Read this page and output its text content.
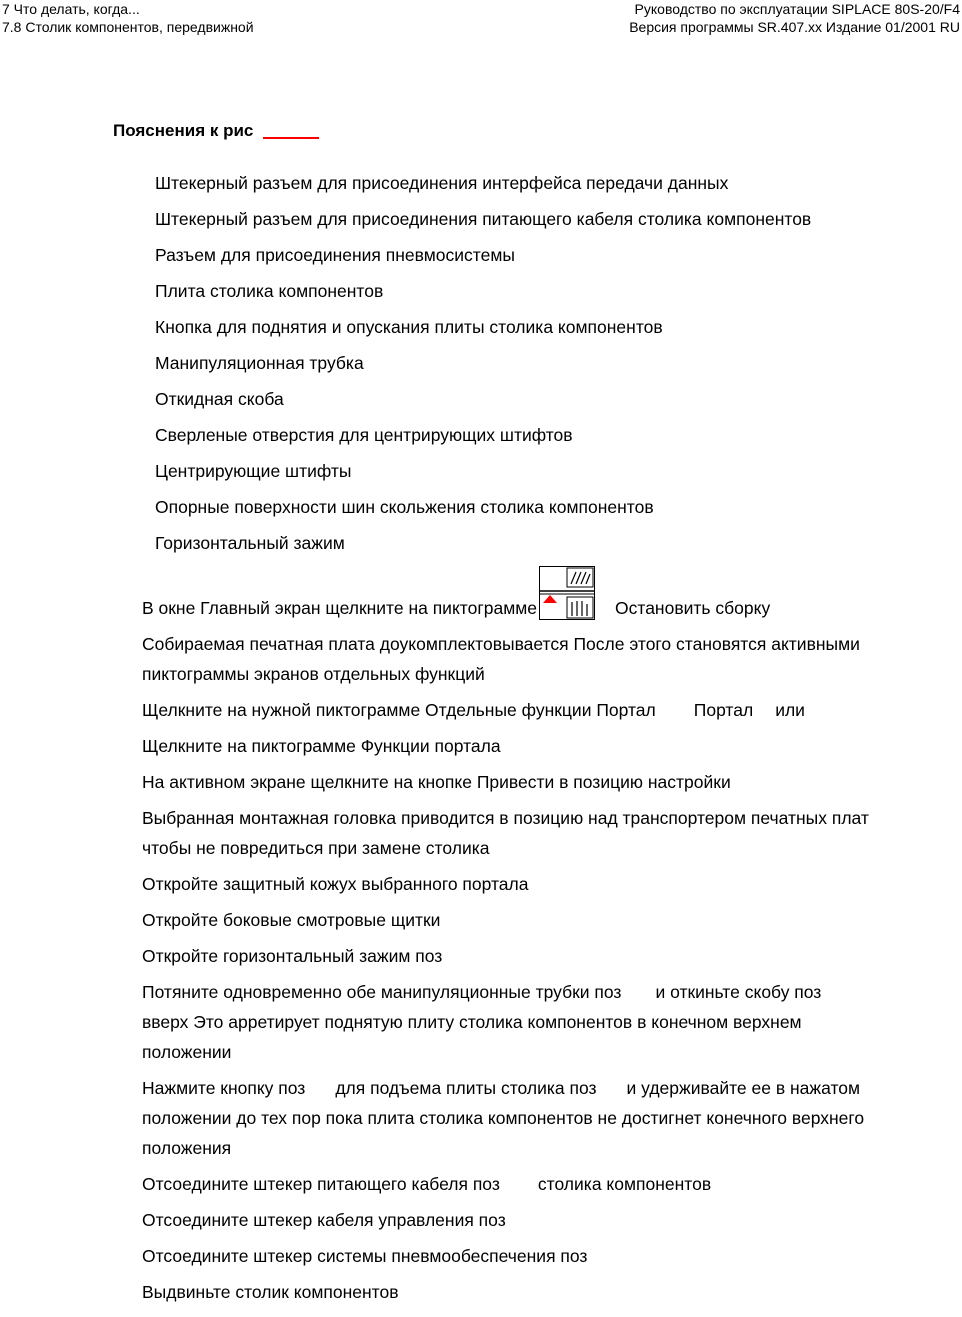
7 Что делать, когда...
7.8 Столик компонентов, передвижной
Руководство по эксплуатации SIPLACE 80S-20/F4
Версия программы SR.407.xx Издание 01/2001 RU
Пояснения к рис
Штекерный разъем для присоединения интерфейса передачи данных
Штекерный разъем для присоединения питающего кабеля столика компонентов
Разъем для присоединения пневмосистемы
Плита столика компонентов
Кнопка для поднятия и опускания плиты столика компонентов
Манипуляционная трубка
Откидная скоба
Сверленые отверстия для центрирующих штифтов
Центрирующие штифты
Опорные поверхности шин скольжения столика компонентов
Горизонтальный зажим
В окне Главный экран щелкните на пиктограмме	Остановить сборку
Собираемая печатная плата доукомплектовывается После этого становятся активными
пиктограммы экранов отдельных функций
Щелкните на нужной пиктограмме Отдельные функции Портал Портал или
Щелкните на пиктограмме Функции портала
На активном экране щелкните на кнопке Привести в позицию настройки
Выбранная монтажная головка приводится в позицию над транспортером печатных плат
чтобы не повредиться при замене столика
Откройте защитный кожух выбранного портала
Откройте боковые смотровые щитки
Откройте горизонтальный зажим поз
Потяните одновременно обе манипуляционные трубки поз и откиньте скобу поз
вверх Это арретирует поднятую плиту столика компонентов в конечном верхнем
положении
Нажмите кнопку поз для подъема плиты столика поз и удерживайте ее в нажатом
положении до тех пор пока плита столика компонентов не достигнет конечного верхнего
положения
Отсоедините штекер питающего кабеля поз столика компонентов
Отсоедините штекер кабеля управления поз
Отсоедините штекер системы пневмообеспечения поз
Выдвиньте столик компонентов
